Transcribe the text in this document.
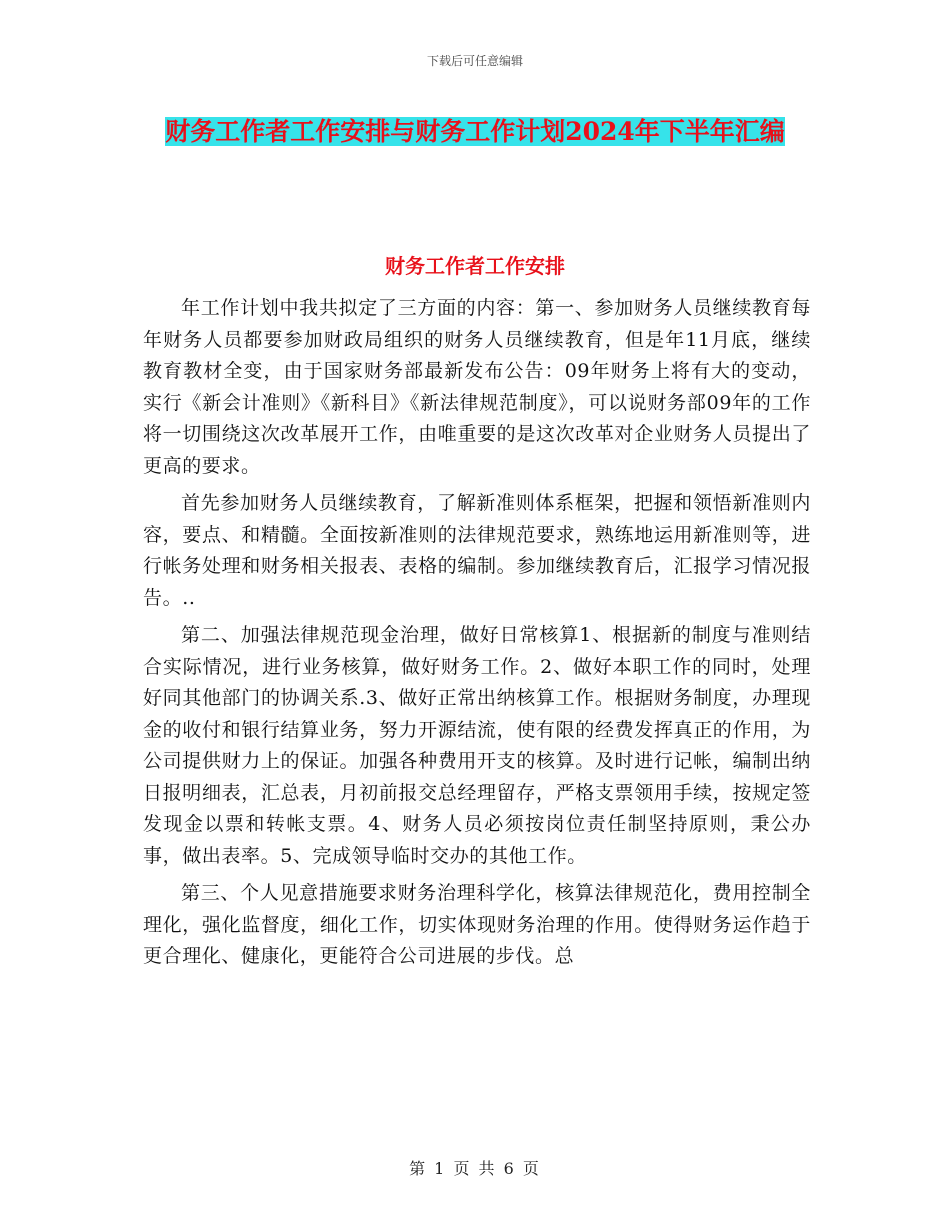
下载后可任意编辑
财务工作者工作安排与财务工作计划2024年下半年汇编
财务工作者工作安排

年工作计划中我共拟定了三方面的内容：第一、参加财务人员继续教育每年财务人员都要参加财政局组织的财务人员继续教育，但是年11月底，继续教育教材全变，由于国家财务部最新发布公告：09年财务上将有大的变动，实行《新会计准则》《新科目》《新法律规范制度》，可以说财务部09年的工作将一切围绕这次改革展开工作，由唯重要的是这次改革对企业财务人员提出了更高的要求。

首先参加财务人员继续教育，了解新准则体系框架，把握和领悟新准则内容，要点、和精髓。全面按新准则的法律规范要求，熟练地运用新准则等，进行帐务处理和财务相关报表、表格的编制。参加继续教育后，汇报学习情况报告。..

第二、加强法律规范现金治理，做好日常核算1、根据新的制度与准则结合实际情况，进行业务核算，做好财务工作。2、做好本职工作的同时，处理好同其他部门的协调关系.3、做好正常出纳核算工作。根据财务制度，办理现金的收付和银行结算业务，努力开源结流，使有限的经费发挥真正的作用，为公司提供财力上的保证。加强各种费用开支的核算。及时进行记帐，编制出纳日报明细表，汇总表，月初前报交总经理留存，严格支票领用手续，按规定签发现金以票和转帐支票。4、财务人员必须按岗位责任制坚持原则，秉公办事，做出表率。5、完成领导临时交办的其他工作。

第三、个人见意措施要求财务治理科学化，核算法律规范化，费用控制全理化，强化监督度，细化工作，切实体现财务治理的作用。使得财务运作趋于更合理化、健康化，更能符合公司进展的步伐。总

第 1 页 共 6 页
